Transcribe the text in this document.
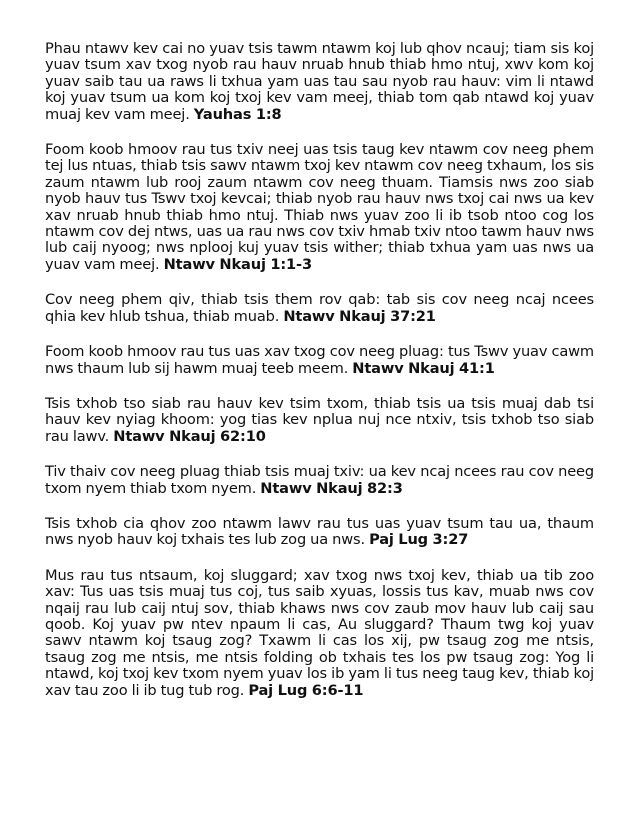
Phau ntawv kev cai no yuav tsis tawm ntawm koj lub qhov ncauj; tiam sis koj yuav tsum xav txog nyob rau hauv nruab hnub thiab hmo ntuj, xwv kom koj yuav saib tau ua raws li txhua yam uas tau sau nyob rau hauv: vim li ntawd koj yuav tsum ua kom koj txoj kev vam meej, thiab tom qab ntawd koj yuav muaj kev vam meej. Yauhas 1:8

Foom koob hmoov rau tus txiv neej uas tsis taug kev ntawm cov neeg phem tej lus ntuas, thiab tsis sawv ntawm txoj kev ntawm cov neeg txhaum, los sis zaum ntawm lub rooj zaum ntawm cov neeg thuam. Tiamsis nws zoo siab nyob hauv tus Tswv txoj kevcai; thiab nyob rau hauv nws txoj cai nws ua kev xav nruab hnub thiab hmo ntuj. Thiab nws yuav zoo li ib tsob ntoo cog los ntawm cov dej ntws, uas ua rau nws cov txiv hmab txiv ntoo tawm hauv nws lub caij nyoog; nws nplooj kuj yuav tsis wither; thiab txhua yam uas nws ua yuav vam meej. Ntawv Nkauj 1:1-3

Cov neeg phem qiv, thiab tsis them rov qab: tab sis cov neeg ncaj ncees qhia kev hlub tshua, thiab muab. Ntawv Nkauj 37:21

Foom koob hmoov rau tus uas xav txog cov neeg pluag: tus Tswv yuav cawm nws thaum lub sij hawm muaj teeb meem. Ntawv Nkauj 41:1

Tsis txhob tso siab rau hauv kev tsim txom, thiab tsis ua tsis muaj dab tsi hauv kev nyiag khoom: yog tias kev nplua nuj nce ntxiv, tsis txhob tso siab rau lawv. Ntawv Nkauj 62:10

Tiv thaiv cov neeg pluag thiab tsis muaj txiv: ua kev ncaj ncees rau cov neeg txom nyem thiab txom nyem. Ntawv Nkauj 82:3

Tsis txhob cia qhov zoo ntawm lawv rau tus uas yuav tsum tau ua, thaum nws nyob hauv koj txhais tes lub zog ua nws. Paj Lug 3:27

Mus rau tus ntsaum, koj sluggard; xav txog nws txoj kev, thiab ua tib zoo xav: Tus uas tsis muaj tus coj, tus saib xyuas, lossis tus kav, muab nws cov nqaij rau lub caij ntuj sov, thiab khaws nws cov zaub mov hauv lub caij sau qoob. Koj yuav pw ntev npaum li cas, Au sluggard? Thaum twg koj yuav sawv ntawm koj tsaug zog? Txawm li cas los xij, pw tsaug zog me ntsis, tsaug zog me ntsis, me ntsis folding ob txhais tes los pw tsaug zog: Yog li ntawd, koj txoj kev txom nyem yuav los ib yam li tus neeg taug kev, thiab koj xav tau zoo li ib tug tub rog. Paj Lug 6:6-11
